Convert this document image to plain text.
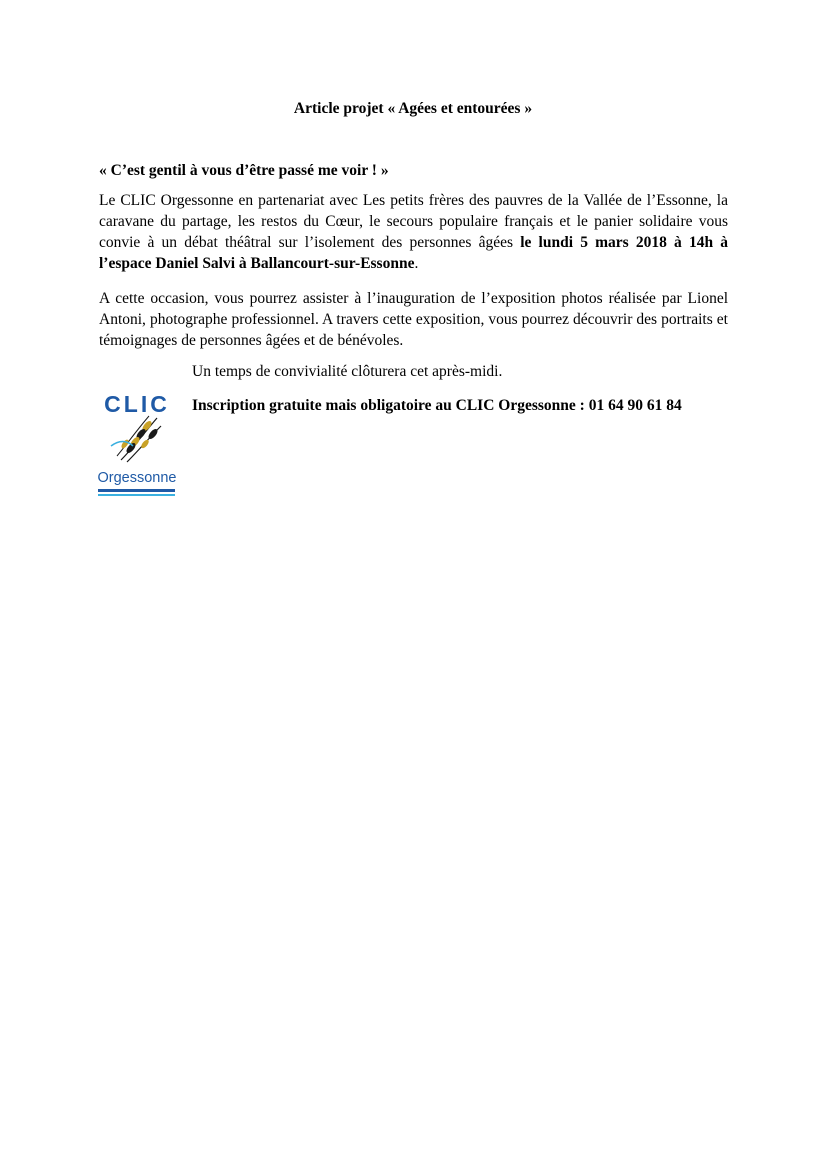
Article projet « Agées et entourées »
« C’est gentil à vous d’être passé me voir ! »

Le CLIC Orgessonne en partenariat avec Les petits frères des pauvres de la Vallée de l’Essonne, la caravane du partage, les restos du Cœur, le secours populaire français et le panier solidaire vous convie à un débat théâtral sur l’isolement des personnes âgées le lundi 5 mars 2018 à 14h à l’espace Daniel Salvi à Ballancourt-sur-Essonne.

A cette occasion, vous pourrez assister à l’inauguration de l’exposition photos réalisée par Lionel Antoni, photographe professionnel. A travers cette exposition, vous pourrez découvrir des portraits et témoignages de personnes âgées et de bénévoles.

Un temps de convivialité clôturera cet après-midi.
Inscription gratuite mais obligatoire au CLIC Orgessonne : 01 64 90 61 84
CLIC
Orgessonne
